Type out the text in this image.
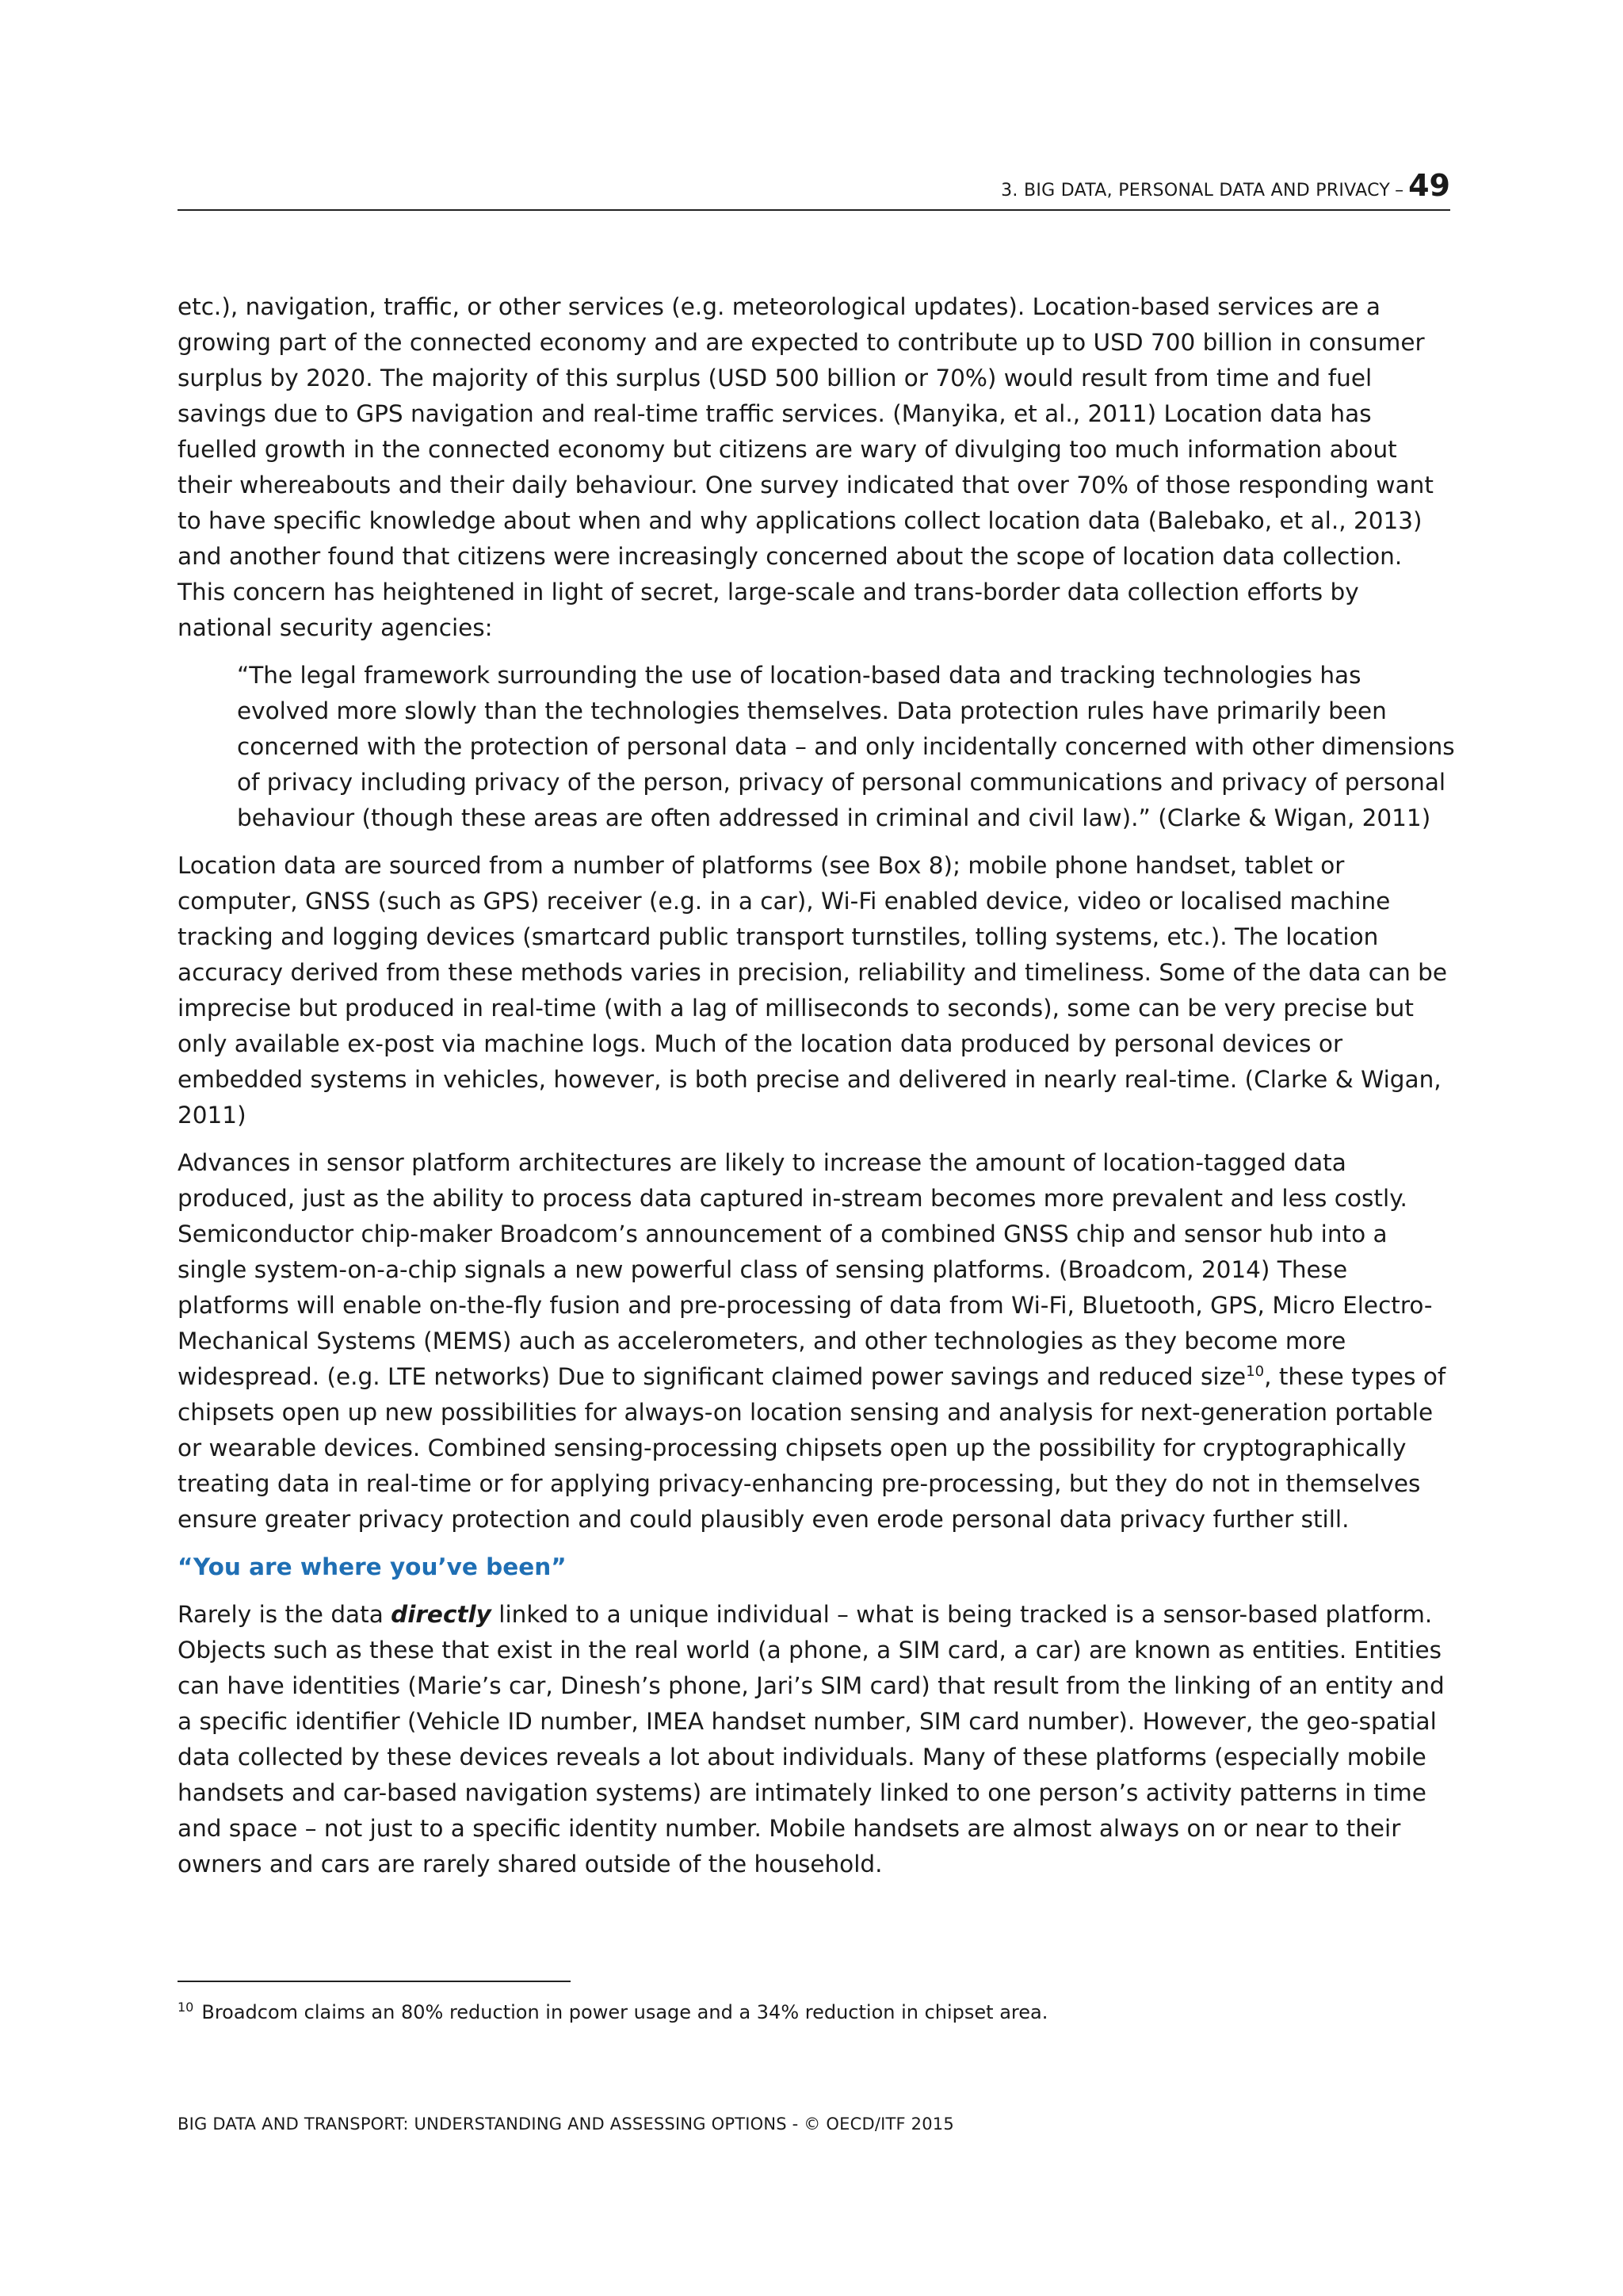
3. BIG DATA, PERSONAL DATA AND PRIVACY – 49

etc.), navigation, traffic, or other services (e.g. meteorological updates). Location-based services are a growing part of the connected economy and are expected to contribute up to USD 700 billion in consumer surplus by 2020. The majority of this surplus (USD 500 billion or 70%) would result from time and fuel savings due to GPS navigation and real-time traffic services. (Manyika, et al., 2011) Location data has fuelled growth in the connected economy but citizens are wary of divulging too much information about their whereabouts and their daily behaviour. One survey indicated that over 70% of those responding want to have specific knowledge about when and why applications collect location data (Balebako, et al., 2013) and another found that citizens were increasingly concerned about the scope of location data collection. This concern has heightened in light of secret, large-scale and trans-border data collection efforts by national security agencies:

“The legal framework surrounding the use of location-based data and tracking technologies has evolved more slowly than the technologies themselves. Data protection rules have primarily been concerned with the protection of personal data – and only incidentally concerned with other dimensions of privacy including privacy of the person, privacy of personal communications and privacy of personal behaviour (though these areas are often addressed in criminal and civil law).” (Clarke & Wigan, 2011)

Location data are sourced from a number of platforms (see Box 8); mobile phone handset, tablet or computer, GNSS (such as GPS) receiver (e.g. in a car), Wi-Fi enabled device, video or localised machine tracking and logging devices (smartcard public transport turnstiles, tolling systems, etc.). The location accuracy derived from these methods varies in precision, reliability and timeliness. Some of the data can be imprecise but produced in real-time (with a lag of milliseconds to seconds), some can be very precise but only available ex-post via machine logs. Much of the location data produced by personal devices or embedded systems in vehicles, however, is both precise and delivered in nearly real-time. (Clarke & Wigan, 2011)

Advances in sensor platform architectures are likely to increase the amount of location-tagged data produced, just as the ability to process data captured in-stream becomes more prevalent and less costly. Semiconductor chip-maker Broadcom’s announcement of a combined GNSS chip and sensor hub into a single system-on-a-chip signals a new powerful class of sensing platforms. (Broadcom, 2014) These platforms will enable on-the-fly fusion and pre-processing of data from Wi-Fi, Bluetooth, GPS, Micro Electro-Mechanical Systems (MEMS) auch as accelerometers, and other technologies as they become more widespread. (e.g. LTE networks) Due to significant claimed power savings and reduced size$^{10}$, these types of chipsets open up new possibilities for always-on location sensing and analysis for next-generation portable or wearable devices. Combined sensing-processing chipsets open up the possibility for cryptographically treating data in real-time or for applying privacy-enhancing pre-processing, but they do not in themselves ensure greater privacy protection and could plausibly even erode personal data privacy further still.

“You are where you’ve been”

Rarely is the data directly linked to a unique individual – what is being tracked is a sensor-based platform. Objects such as these that exist in the real world (a phone, a SIM card, a car) are known as entities. Entities can have identities (Marie’s car, Dinesh’s phone, Jari’s SIM card) that result from the linking of an entity and a specific identifier (Vehicle ID number, IMEA handset number, SIM card number). However, the geo-spatial data collected by these devices reveals a lot about individuals. Many of these platforms (especially mobile handsets and car-based navigation systems) are intimately linked to one person’s activity patterns in time and space – not just to a specific identity number. Mobile handsets are almost always on or near to their owners and cars are rarely shared outside of the household.

$^{10}$ Broadcom claims an 80% reduction in power usage and a 34% reduction in chipset area.
BIG DATA AND TRANSPORT: UNDERSTANDING AND ASSESSING OPTIONS - © OECD/ITF 2015
